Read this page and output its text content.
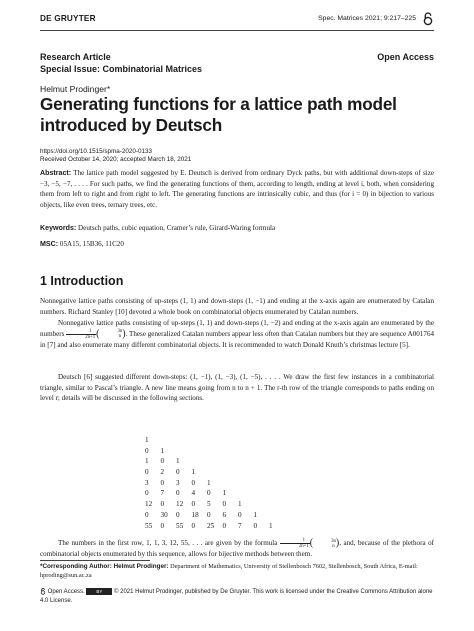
DE GRUYTER	Spec. Matrices 2021; 9:217–225
Research Article
Special Issue: Combinatorial Matrices
Open Access
Helmut Prodinger*
Generating functions for a lattice path model introduced by Deutsch
https://doi.org/10.1515/spma-2020-0133
Received October 14, 2020; accepted March 18, 2021
Abstract: The lattice path model suggested by E. Deutsch is derived from ordinary Dyck paths, but with additional down-steps of size −3, −5, −7, . . . . For such paths, we find the generating functions of them, according to length, ending at level i, both, when considering them from left to right and from right to left. The generating functions are intrinsically cubic, and thus (for i = 0) in bijection to various objects, like even trees, ternary trees, etc.
Keywords: Deutsch paths, cubic equation, Cramer’s rule, Girard-Waring formula
MSC: 05A15, 15B36, 11C20
1 Introduction
Nonnegative lattice paths consisting of up-steps (1, 1) and down-steps (1, −1) and ending at the x-axis again are enumerated by Catalan numbers. Richard Stanley [10] devoted a whole book on combinatorial objects enumerated by Catalan numbers.
Nonnegative lattice paths consisting of up-steps (1, 1) and down-steps (1, −2) and ending at the x-axis again are enumerated by the numbers $\frac{1}{2n+1}$ (	3n
n ). These generalized Catalan numbers appear less often than Catalan numbers but they are sequence A001764 in [7] and also enumerate many different combinatorial objects. It is recommended to watch Donald Knuth’s christmas lecture [5].
Deutsch [6] suggested different down-steps: (1, −1), (1, −3), (1, −5), . . . . We draw the first few instances in a combinatorial triangle, similar to Pascal’s triangle. A new line means going from n to n + 1. The r-th row of the triangle corresponds to paths ending on level r; details will be discussed in the following sections.
1
0 1
1 0 1
0 2 0 1
3 0 3 0 1
0 7 0 4 0 1
12 0 12 0 5 0 1
0 30 0 18 0 6 0 1
55 0 55 0 25 0 7 0 1
The numbers in the first row, 1, 1, 3, 12, 55, . . . are given by the formula $\frac{1}{2n+1}$ (	3n
n ), and, because of the plethora of combinatorial objects enumerated by this sequence, allows for bijective methods between them.
*Corresponding Author: Helmut Prodinger: Department of Mathematics, University of Stellenbosch 7602, Stellenbosch, South Africa, E-mail: hproding@sun.ac.za
Open Access.	BY © 2021 Helmut Prodinger, published by De Gruyter. This work is licensed under the Creative Commons Attribution alone 4.0 License.
